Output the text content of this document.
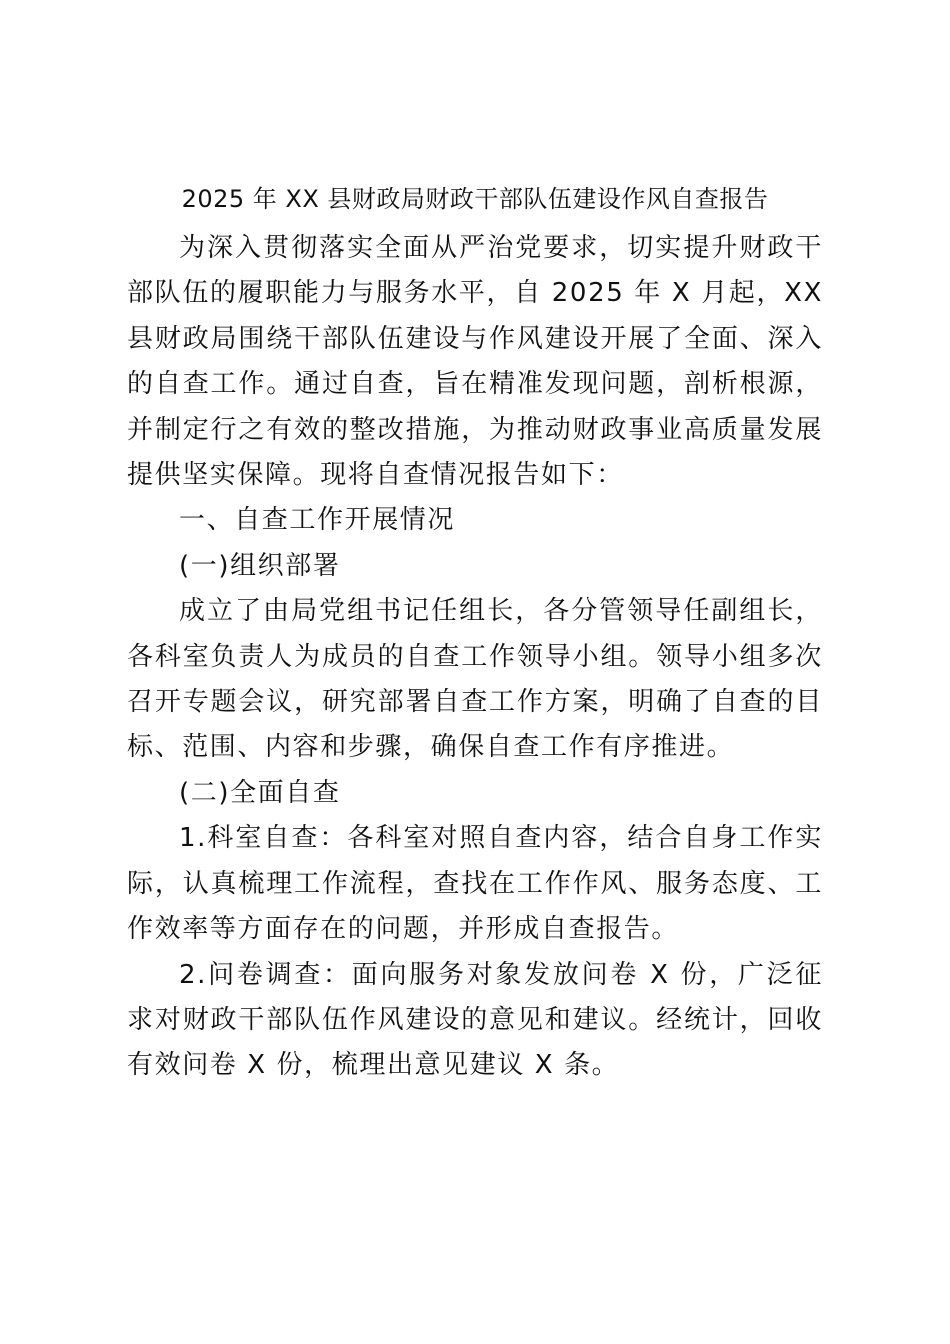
2025 年 XX 县财政局财政干部队伍建设作风自查报告

为深入贯彻落实全面从严治党要求，切实提升财政干部队伍的履职能力与服务水平，自 2025 年 X 月起，XX 县财政局围绕干部队伍建设与作风建设开展了全面、深入的自查工作。通过自查，旨在精准发现问题，剖析根源，并制定行之有效的整改措施，为推动财政事业高质量发展提供坚实保障。现将自查情况报告如下：

一、自查工作开展情况

(一)组织部署

成立了由局党组书记任组长，各分管领导任副组长，各科室负责人为成员的自查工作领导小组。领导小组多次召开专题会议，研究部署自查工作方案，明确了自查的目标、范围、内容和步骤，确保自查工作有序推进。

(二)全面自查

1.科室自查：各科室对照自查内容，结合自身工作实际，认真梳理工作流程，查找在工作作风、服务态度、工作效率等方面存在的问题，并形成自查报告。

2.问卷调查：面向服务对象发放问卷 X 份，广泛征求对财政干部队伍作风建设的意见和建议。经统计，回收有效问卷 X 份，梳理出意见建议 X 条。
